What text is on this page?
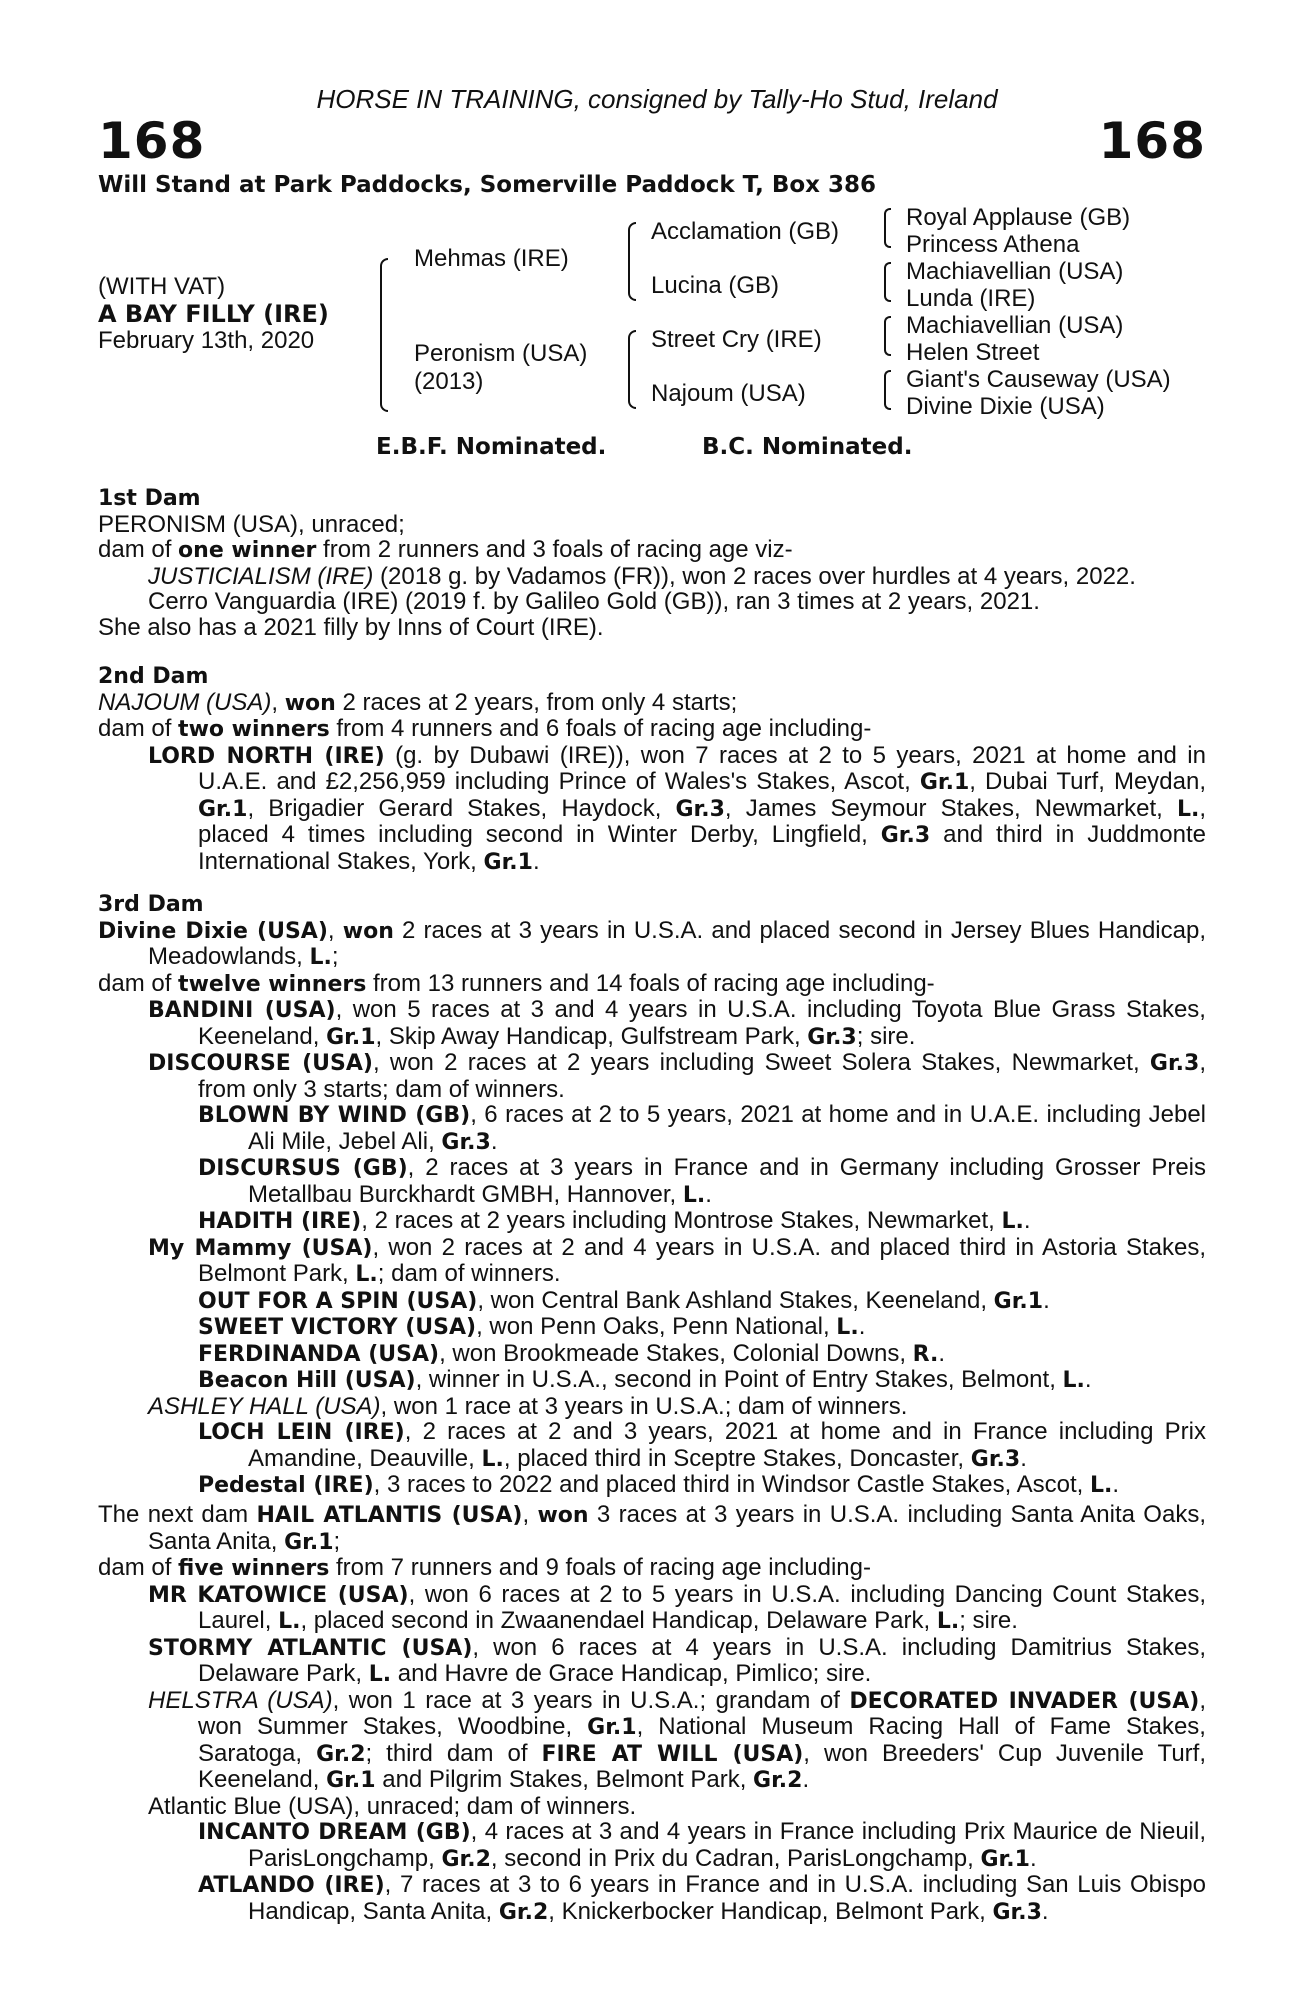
HORSE IN TRAINING, consigned by Tally-Ho Stud, Ireland
168	168
Will Stand at Park Paddocks, Somerville Paddock T, Box 386
(WITH VAT)
A BAY FILLY (IRE)
February 13th, 2020
Mehmas (IRE)
Peronism (USA)
(2013)
Acclamation (GB)
Lucina (GB)
Street Cry (IRE)
Najoum (USA)
Royal Applause (GB)
Princess Athena
Machiavellian (USA)
Lunda (IRE)
Machiavellian (USA)
Helen Street
Giant's Causeway (USA)
Divine Dixie (USA)
E.B.F. Nominated.	B.C. Nominated.
1st Dam

PERONISM (USA), unraced;

dam of one winner from 2 runners and 3 foals of racing age viz-

JUSTICIALISM (IRE) (2018 g. by Vadamos (FR)), won 2 races over hurdles at 4 years, 2022.

Cerro Vanguardia (IRE) (2019 f. by Galileo Gold (GB)), ran 3 times at 2 years, 2021.

She also has a 2021 filly by Inns of Court (IRE).

2nd Dam

NAJOUM (USA), won 2 races at 2 years, from only 4 starts;

dam of two winners from 4 runners and 6 foals of racing age including-

LORD NORTH (IRE) (g. by Dubawi (IRE)), won 7 races at 2 to 5 years, 2021 at home and in U.A.E. and £2,256,959 including Prince of Wales's Stakes, Ascot, Gr.1, Dubai Turf, Meydan, Gr.1, Brigadier Gerard Stakes, Haydock, Gr.3, James Seymour Stakes, Newmarket, L., placed 4 times including second in Winter Derby, Lingfield, Gr.3 and third in Juddmonte International Stakes, York, Gr.1.

3rd Dam

Divine Dixie (USA), won 2 races at 3 years in U.S.A. and placed second in Jersey Blues Handicap, Meadowlands, L.;

dam of twelve winners from 13 runners and 14 foals of racing age including-

BANDINI (USA), won 5 races at 3 and 4 years in U.S.A. including Toyota Blue Grass Stakes, Keeneland, Gr.1, Skip Away Handicap, Gulfstream Park, Gr.3; sire.

DISCOURSE (USA), won 2 races at 2 years including Sweet Solera Stakes, Newmarket, Gr.3, from only 3 starts; dam of winners.

BLOWN BY WIND (GB), 6 races at 2 to 5 years, 2021 at home and in U.A.E. including Jebel Ali Mile, Jebel Ali, Gr.3.

DISCURSUS (GB), 2 races at 3 years in France and in Germany including Grosser Preis Metallbau Burckhardt GMBH, Hannover, L..

HADITH (IRE), 2 races at 2 years including Montrose Stakes, Newmarket, L..

My Mammy (USA), won 2 races at 2 and 4 years in U.S.A. and placed third in Astoria Stakes, Belmont Park, L.; dam of winners.

OUT FOR A SPIN (USA), won Central Bank Ashland Stakes, Keeneland, Gr.1.

SWEET VICTORY (USA), won Penn Oaks, Penn National, L..

FERDINANDA (USA), won Brookmeade Stakes, Colonial Downs, R..

Beacon Hill (USA), winner in U.S.A., second in Point of Entry Stakes, Belmont, L..

ASHLEY HALL (USA), won 1 race at 3 years in U.S.A.; dam of winners.

LOCH LEIN (IRE), 2 races at 2 and 3 years, 2021 at home and in France including Prix Amandine, Deauville, L., placed third in Sceptre Stakes, Doncaster, Gr.3.

Pedestal (IRE), 3 races to 2022 and placed third in Windsor Castle Stakes, Ascot, L..

The next dam HAIL ATLANTIS (USA), won 3 races at 3 years in U.S.A. including Santa Anita Oaks, Santa Anita, Gr.1;

dam of five winners from 7 runners and 9 foals of racing age including-

MR KATOWICE (USA), won 6 races at 2 to 5 years in U.S.A. including Dancing Count Stakes, Laurel, L., placed second in Zwaanendael Handicap, Delaware Park, L.; sire.

STORMY ATLANTIC (USA), won 6 races at 4 years in U.S.A. including Damitrius Stakes, Delaware Park, L. and Havre de Grace Handicap, Pimlico; sire.

HELSTRA (USA), won 1 race at 3 years in U.S.A.; grandam of DECORATED INVADER (USA), won Summer Stakes, Woodbine, Gr.1, National Museum Racing Hall of Fame Stakes, Saratoga, Gr.2; third dam of FIRE AT WILL (USA), won Breeders' Cup Juvenile Turf, Keeneland, Gr.1 and Pilgrim Stakes, Belmont Park, Gr.2.

Atlantic Blue (USA), unraced; dam of winners.

INCANTO DREAM (GB), 4 races at 3 and 4 years in France including Prix Maurice de Nieuil, ParisLongchamp, Gr.2, second in Prix du Cadran, ParisLongchamp, Gr.1.

ATLANDO (IRE), 7 races at 3 to 6 years in France and in U.S.A. including San Luis Obispo Handicap, Santa Anita, Gr.2, Knickerbocker Handicap, Belmont Park, Gr.3.
